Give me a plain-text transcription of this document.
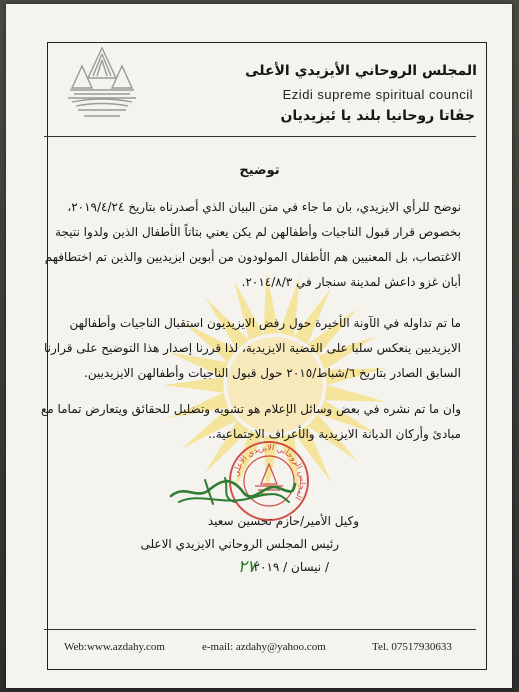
المجلس الروحاني الأيزيدي الأعلى
Ezidi supreme spiritual council
جڤاتا روحانيا بلند يا ئيزيديان
توضيح
نوضح للرأي الايزيدي، بان ما جاء في متن البيان الذي أصدرناه بتاريخ ٢٠١٩/٤/٢٤،
بخصوص قرار قبول الناجيات وأطفالهن لم يكن يعني بتاتاً الأطفال الذين ولدوا نتيجة
الاغتصاب، بل المعنيين هم الأطفال المولودون من أبوين ايزيديين والذين تم اختطافهم
أبان غزو داعش لمدينة سنجار في ٢٠١٤/٨/٣.
ما تم تداوله في الآونة الأخيرة حول رفض الايزيديون استقبال الناجيات وأطفالهن
الايزيديين ينعكس سلبا على القضية الايزيدية، لذا قررنا إصدار هذا التوضيح على قرارنا
السابق الصادر بتاريخ ٦/شباط/٢٠١٥ حول قبول الناجيات وأطفالهن الايزيديين.
وان ما تم نشره في بعض وسائل الإعلام هو تشويه وتضليل للحقائق ويتعارض تماما مع
مبادئ وأركان الديانة الايزيدية والأعراف الاجتماعية..
المجلس الروحاني الايزيدي الاعلى
وكيل الأمير/حازم تحسين سعيد
رئيس المجلس الروحاني الايزيدي الاعلى
/ نيسان / ٢٠١٩
٢٧
Web:www.azdahy.com	e-mail: azdahy@yahoo.com	Tel. 07517930633
